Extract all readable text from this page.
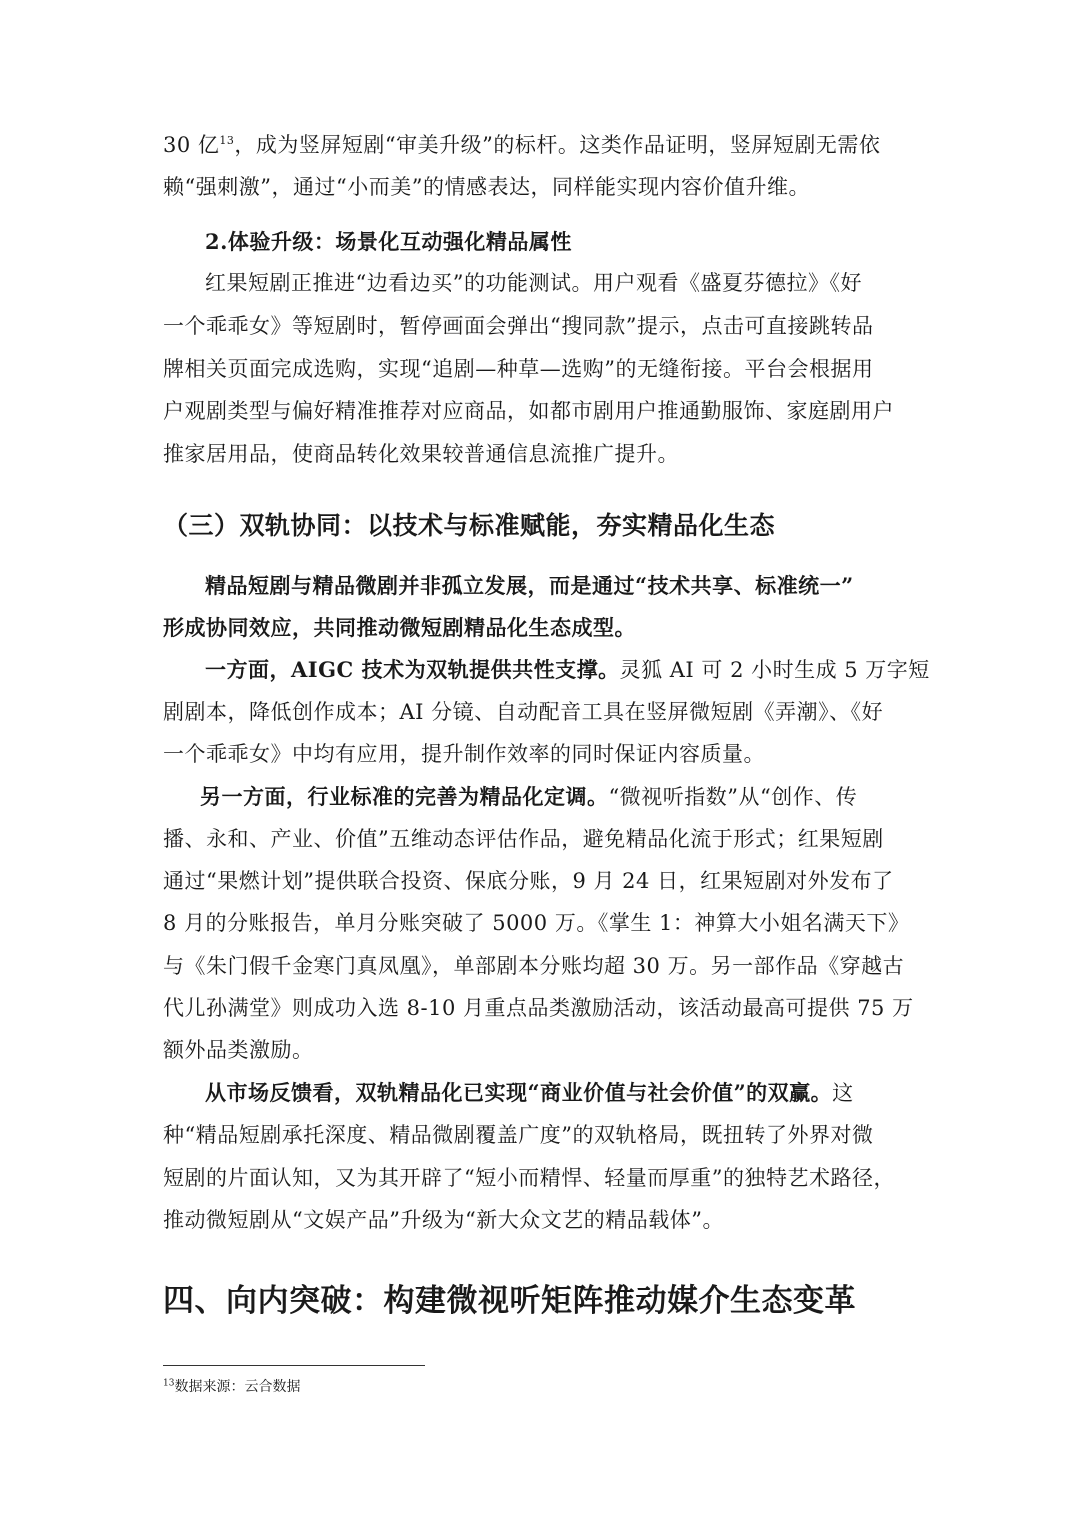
30 亿$^{13}$，成为竖屏短剧“审美升级”的标杆。这类作品证明，竖屏短剧无需依
赖“强刺激”，通过“小而美”的情感表达，同样能实现内容价值升维。
2.体验升级：场景化互动强化精品属性
红果短剧正推进“边看边买”的功能测试。用户观看《盛夏芬德拉》《好
一个乖乖女》等短剧时，暂停画面会弹出“搜同款”提示，点击可直接跳转品
牌相关页面完成选购，实现“追剧—种草—选购”的无缝衔接。平台会根据用
户观剧类型与偏好精准推荐对应商品，如都市剧用户推通勤服饰、家庭剧用户
推家居用品，使商品转化效果较普通信息流推广提升。
（三）双轨协同：以技术与标准赋能，夯实精品化生态
精品短剧与精品微剧并非孤立发展，而是通过“技术共享、标准统一”
形成协同效应，共同推动微短剧精品化生态成型。
一方面，AIGC 技术为双轨提供共性支撑。灵狐 AI 可 2 小时生成 5 万字短
剧剧本，降低创作成本；AI 分镜、自动配音工具在竖屏微短剧《弄潮》、《好
一个乖乖女》中均有应用，提升制作效率的同时保证内容质量。
另一方面，行业标准的完善为精品化定调。“微视听指数”从“创作、传
播、永和、产业、价值”五维动态评估作品，避免精品化流于形式；红果短剧
通过“果燃计划”提供联合投资、保底分账，9 月 24 日，红果短剧对外发布了
8 月的分账报告，单月分账突破了 5000 万。《掌生 1：神算大小姐名满天下》
与《朱门假千金寒门真凤凰》，单部剧本分账均超 30 万。另一部作品《穿越古
代儿孙满堂》则成功入选 8-10 月重点品类激励活动，该活动最高可提供 75 万
额外品类激励。
从市场反馈看，双轨精品化已实现“商业价值与社会价值”的双赢。这
种“精品短剧承托深度、精品微剧覆盖广度”的双轨格局，既扭转了外界对微
短剧的片面认知，又为其开辟了“短小而精悍、轻量而厚重”的独特艺术路径，
推动微短剧从“文娱产品”升级为“新大众文艺的精品载体”。
四、向内突破：构建微视听矩阵推动媒介生态变革
$^{13}$数据来源：云合数据
